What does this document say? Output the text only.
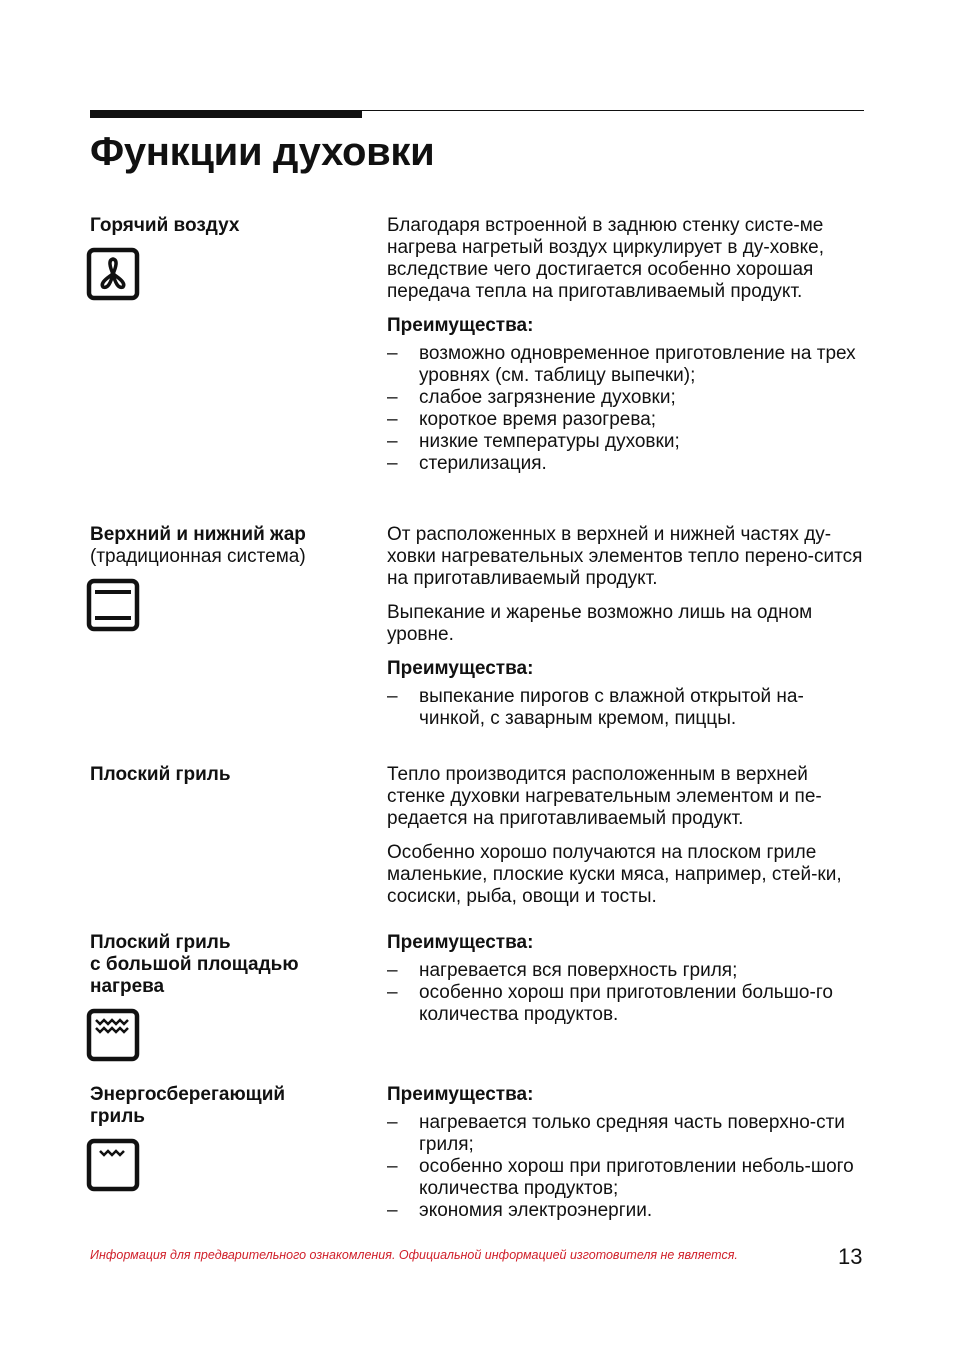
Функции духовки
Горячий воздух	Благодаря встроенной в заднюю стенку систе-ме нагрева нагретый воздух циркулирует в ду-ховке, вследствие чего достигается особенно хорошая передача тепла на приготавливаемый продукт.

Преимущества:
– возможно одновременное приготовление на трех уровнях (см. таблицу выпечки);
– слабое загрязнение духовки;
– короткое время разогрева;
– низкие температуры духовки;
– стерилизация.
Верхний и нижний жар
(традиционная система)

От расположенных в верхней и нижней частях ду-ховки нагревательных элементов тепло перено-сится на приготавливаемый продукт.

Выпекание и жаренье возможно лишь на одном уровне.

Преимущества:
– выпекание пирогов с влажной открытой на-чинкой, с заварным кремом, пиццы.
Плоский гриль	Тепло производится расположенным в верхней стенке духовки нагревательным элементом и пе-редается на приготавливаемый продукт.

Особенно хорошо получаются на плоском гриле маленькие, плоские куски мяса, например, стей-ки, сосиски, рыба, овощи и тосты.

Плоский гриль
с большой площадью
нагрева
Преимущества:
– нагревается вся поверхность гриля;
– особенно хорош при приготовлении большо-го количества продуктов.
Энергосберегающий
гриль
Преимущества:
– нагревается только средняя часть поверхно-сти гриля;
– особенно хорош при приготовлении неболь-шого количества продуктов;
– экономия электроэнергии.
Информация для предварительного ознакомления. Официальной информацией изготовителя не является.	13
